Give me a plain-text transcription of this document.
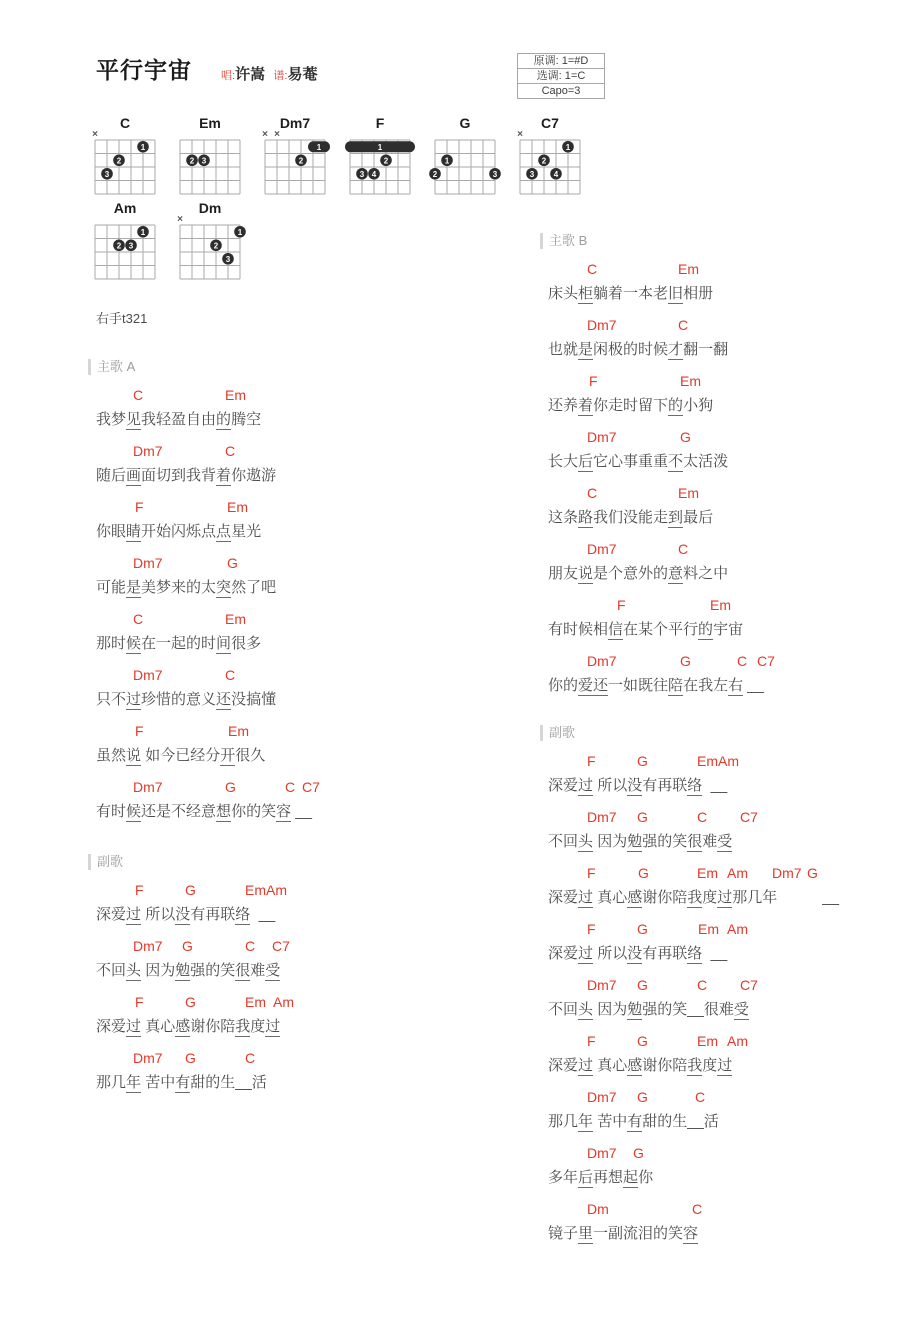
平行宇宙	唱:许嵩 谱:易菴
原调: 1=#D
选调: 1=C
Capo=3
C
×
3
2
1
Em
2 3
Dm7
× ×
1
2
F
1
2
3 4
G
1
2	3
C7
×
1
2
3 4
Am
1
2 3
Dm
×
1
2
3
右手t321
主歌 A
C	Em
我梦见我轻盈自由的腾空
Dm7	C
随后画面切到我背着你遨游
F	Em
你眼睛开始闪烁点点星光
Dm7	G
可能是美梦来的太突然了吧
C	Em
那时候在一起的时间很多
Dm7	C
只不过珍惜的意义还没搞懂
F	Em
虽然说 如今已经分开很久
Dm7	G	C C7
有时候还是不经意想你的笑容 __
副歌
F	G	EmAm
深爱过 所以没有再联络  __
Dm7 G	C C7
不回头 因为勉强的笑很难受
F	G	Em Am
深爱过 真心感谢你陪我度过
Dm7 G	C
那几年 苦中有甜的生__活
主歌 B
C	Em
床头柜躺着一本老旧相册
Dm7	C
也就是闲极的时候才翻一翻
F	Em
还养着你走时留下的小狗
Dm7	G
长大后它心事重重不太活泼
C	Em
这条路我们没能走到最后
Dm7	C
朋友说是个意外的意料之中
F	Em
有时候相信在某个平行的宇宙
Dm7	G	C C7
你的爱还一如既往陪在我左右 __
副歌
F	G	EmAm
深爱过 所以没有再联络  __
Dm7 G	C C7
不回头 因为勉强的笑很难受
F	G	Em Am Dm7 G
深爱过 真心感谢你陪我度过那几年　　　__
F	G	Em Am
深爱过 所以没有再联络  __
Dm7 G	C C7
不回头 因为勉强的笑__很难受
F	G	Em Am
深爱过 真心感谢你陪我度过
Dm7 G	C
那几年 苦中有甜的生__活
Dm7 G
多年后再想起你
Dm	C
镜子里一副流泪的笑容
